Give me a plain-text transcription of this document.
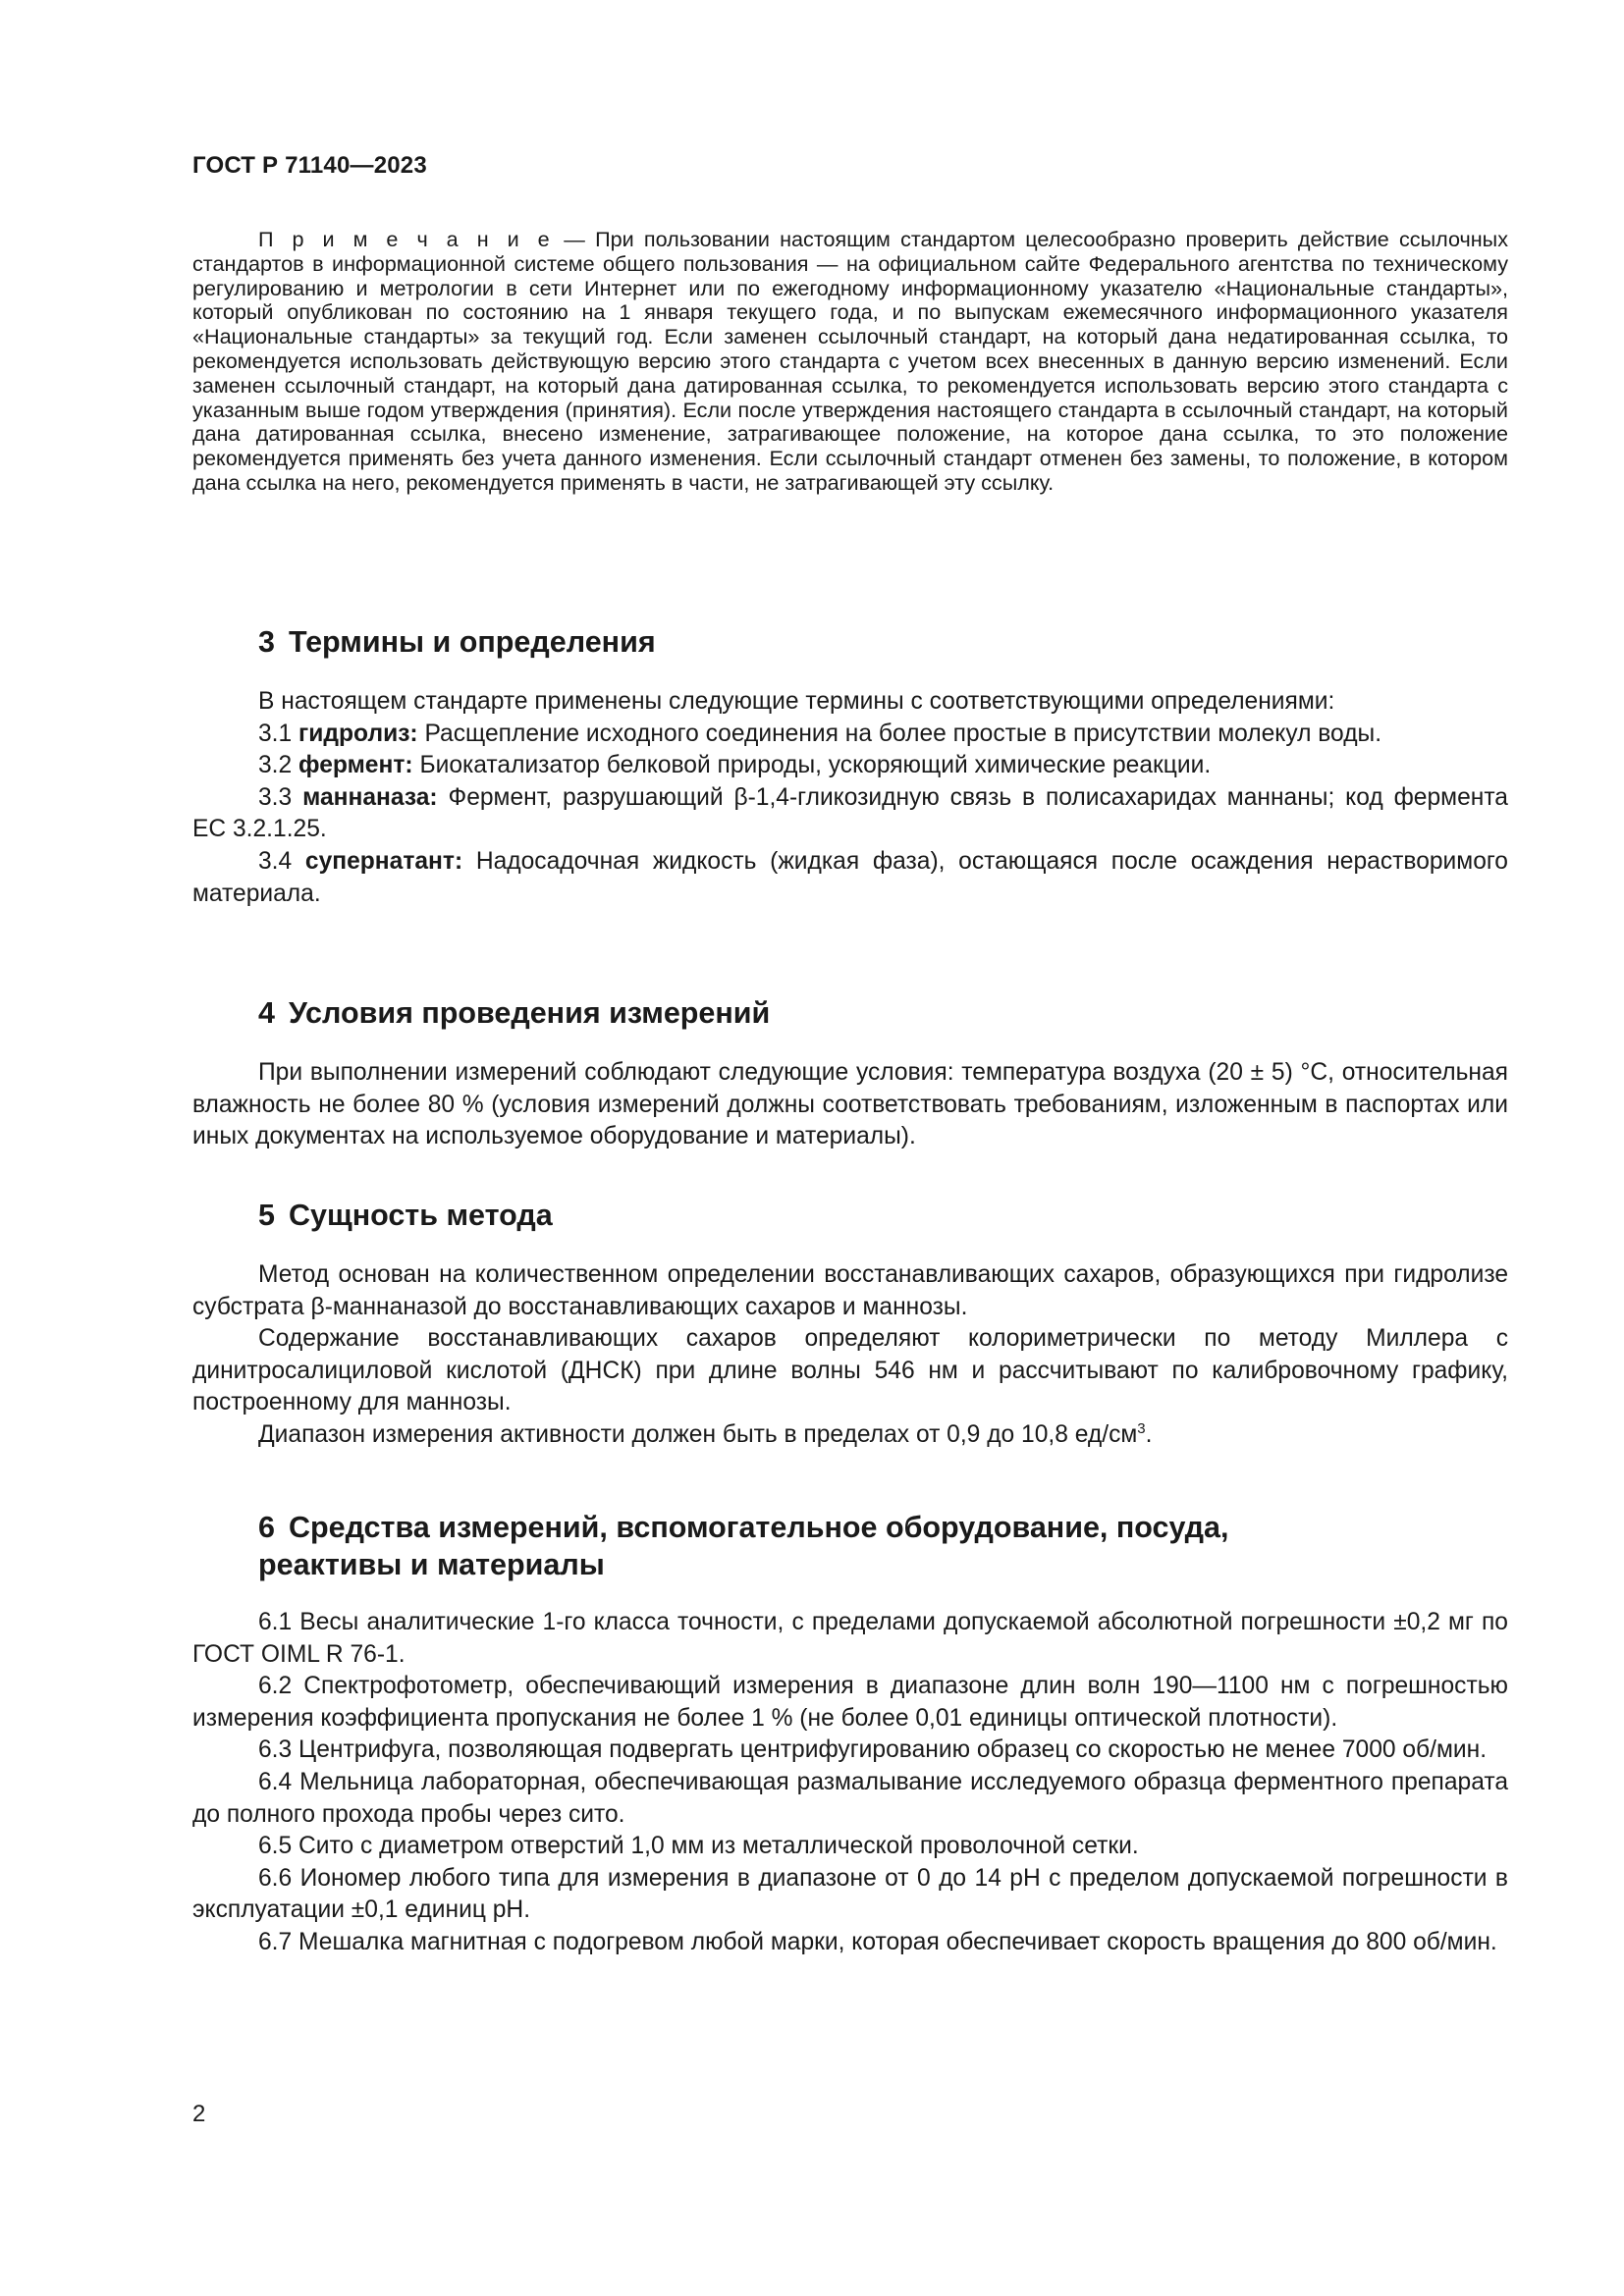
ГОСТ Р 71140—2023
П р и м е ч а н и е — При пользовании настоящим стандартом целесообразно проверить действие ссылочных стандартов в информационной системе общего пользования — на официальном сайте Федерального агентства по техническому регулированию и метрологии в сети Интернет или по ежегодному информационному указателю «Национальные стандарты», который опубликован по состоянию на 1 января текущего года, и по выпускам ежемесячного информационного указателя «Национальные стандарты» за текущий год. Если заменен ссылочный стандарт, на который дана недатированная ссылка, то рекомендуется использовать действующую версию этого стандарта с учетом всех внесенных в данную версию изменений. Если заменен ссылочный стандарт, на который дана датированная ссылка, то рекомендуется использовать версию этого стандарта с указанным выше годом утверждения (принятия). Если после утверждения настоящего стандарта в ссылочный стандарт, на который дана датированная ссылка, внесено изменение, затрагивающее положение, на которое дана ссылка, то это положение рекомендуется применять без учета данного изменения. Если ссылочный стандарт отменен без замены, то положение, в котором дана ссылка на него, рекомендуется применять в части, не затрагивающей эту ссылку.
3 Термины и определения

В настоящем стандарте применены следующие термины с соответствующими определениями:

3.1 гидролиз: Расщепление исходного соединения на более простые в присутствии молекул воды.

3.2 фермент: Биокатализатор белковой природы, ускоряющий химические реакции.

3.3 маннаназа: Фермент, разрушающий β-1,4-гликозидную связь в полисахаридах маннаны; код фермента ЕС 3.2.1.25.

3.4 супернатант: Надосадочная жидкость (жидкая фаза), остающаяся после осаждения нерастворимого материала.

4 Условия проведения измерений

При выполнении измерений соблюдают следующие условия: температура воздуха (20 ± 5) °С, относительная влажность не более 80 % (условия измерений должны соответствовать требованиям, изложенным в паспортах или иных документах на используемое оборудование и материалы).

5 Сущность метода

Метод основан на количественном определении восстанавливающих сахаров, образующихся при гидролизе субстрата β-маннаназой до восстанавливающих сахаров и маннозы.

Содержание восстанавливающих сахаров определяют колориметрически по методу Миллера с динитросалициловой кислотой (ДНСК) при длине волны 546 нм и рассчитывают по калибровочному графику, построенному для маннозы.

Диапазон измерения активности должен быть в пределах от 0,9 до 10,8 $ед/см^3$.

6 Средства измерений, вспомогательное оборудование, посуда,
реактивы и материалы

6.1 Весы аналитические 1-го класса точности, с пределами допускаемой абсолютной погрешности ±0,2 мг по ГОСТ OIML R 76-1.

6.2 Спектрофотометр, обеспечивающий измерения в диапазоне длин волн 190—1100 нм с погрешностью измерения коэффициента пропускания не более 1 % (не более 0,01 единицы оптической плотности).

6.3 Центрифуга, позволяющая подвергать центрифугированию образец со скоростью не менее 7000 об/мин.

6.4 Мельница лабораторная, обеспечивающая размалывание исследуемого образца ферментного препарата до полного прохода пробы через сито.

6.5 Сито с диаметром отверстий 1,0 мм из металлической проволочной сетки.

6.6 Иономер любого типа для измерения в диапазоне от 0 до 14 pH с пределом допускаемой погрешности в эксплуатации ±0,1 единиц pH.

6.7 Мешалка магнитная с подогревом любой марки, которая обеспечивает скорость вращения до 800 об/мин.

2
